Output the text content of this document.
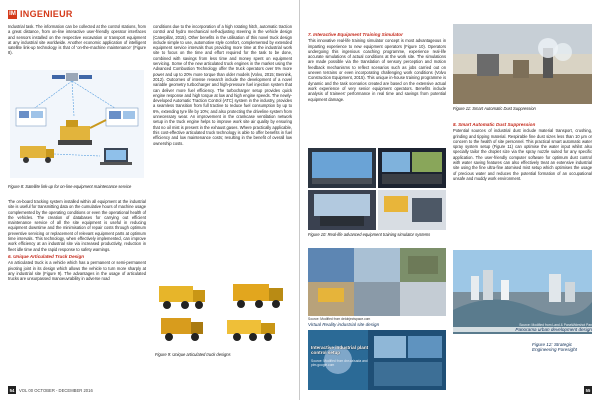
IM INGENIEUR

Industrial task. The information can be collected at the control stations, from a great distance, from on-line interactive user-friendly operator interfaces and sensors installed on the respective excavation or transport equipment at any industrial site worldwide. Another economic application of intelligent satellite link-up technology is that of 'on-the-machine maintenance' (Figure 8).

Figure 8: Satellite link-up for on-line equipment maintenance service

The on-board tracking system installed within all equipment at the industrial site is useful for transmitting data on the cumulative hours of machine usage complemented by the operating conditions or even the operational health of the vehicles. The creation of databases for carrying out efficient maintenance service of all the site equipment is useful in reducing equipment downtime and the minimisation of repair costs through optimum preventive servicing or replacement of relevant equipment parts at optimum time intervals. This technology, when effectively implemented, can improve work efficiency at an industrial site via increased productivity, reduction in fleet idle time and the rapid response to safety warnings.

6. Unique Articulated Truck Design

An articulated truck is a vehicle which has a permanent or semi-permanent pivoting joint in its design which allows the vehicle to turn more sharply at any industrial site (Figure 9). The advantages in the usage of articulated trucks are unsurpassed manoeuvrability in adverse road

conditions due to the incorporation of a high rotating hitch, automatic traction control and hydro mechanical self-adjusting steering in the vehicle design (Caterpillar, 2015). Other benefits in the utilisation of this novel truck design include simple to use, automotive style comfort, complemented by extended equipment service intervals thus providing more time at the industrial work site to focus on the time and effort required for the task to be done, combined with savings from less time and money spent on equipment servicing. Some of the new articulated truck engines in the market using the Advanced Combustion Technology offer the truck operators over 5% more power and up to 20% more torque than older models (Volvo, 2015; Bennink, 2012). Outcomes of intense research include the development of a novel variable geometry turbocharger and high-pressure fuel injection system that can deliver more fuel efficiency. The turbocharger setup provides quick engine response and high torque at low and high engine speeds. The newly-developed Automatic Traction Control (ATC) system in the industry, provides a seamless transition from full tractive to reduce fuel consumption by up to 6%, extending tyre life by 10%; and also protecting the driveline system from unnecessary wear. An improvement in the crankcase ventilation network setup in the truck engine helps to improve work site air quality by ensuring that no oil mist is present in the exhaust gases. Where practically applicable, this cost-effective articulated truck technology is able to offer benefits in fuel efficiency and low maintenance costs; resulting in the benefit of overall low ownership costs.

Figure 9: Unique articulated truck designs
54	VOL 00 OCTOBER - DECEMBER 2016
7. Interactive Equipment Training Simulator

This innovative real-life training simulator concept is most advantageous in imparting experience to new equipment operators (Figure 10). Operators undergoing this ingenious coaching programme, experience real-life accurate simulations of actual conditions at the work site. The simulations are made possible via the translation of sensory perception and motion feedback mechanisms to reflect scenarios such as jobs carried out on uneven terrains or even incorporating challenging work conditions (Volvo Construction Equipment, 2015). This unique in-house training programme is dynamic and the task scenarios created are based on the extensive actual work experience of very senior equipment operators. Benefits include analysis of trainees' performance in real time and savings from potential equipment damage.

Figure 10: Real-life advanced equipment training simulator systems
Source: Modified from delobjectspace.com
Virtual Reality industrial site design
Interactive industrial plant control setup
Source: Modified from dnr.ca/sada and plm.google.com
Figure 11: Smart Automatic Dust Suppression
8. Smart Automatic Dust Suppression

Potential sources of industrial dust include material transport, crushing, grinding and tipping material. Respirable fine dust sizes less than 10 μm or concern to the health of site personnel. This practical smart automatic water spray system setup (Figure 11) can optimise the water input whilst also specially tailor the droplet size via the spray nozzle suited for any specific application. The user-friendly computer software for optimum dust control with water saving features can also effectively treat an extensive industrial site using the fine ultra-fine atomised mist setup which optimises the usage of precious water and reduces the potential formation of an occupational unsafe and muddy work environment.

Source: Modified from Land & PanaWideshot Pan
Panorama urban development design
Figure 12: Strategic Engineering Foresight
55
